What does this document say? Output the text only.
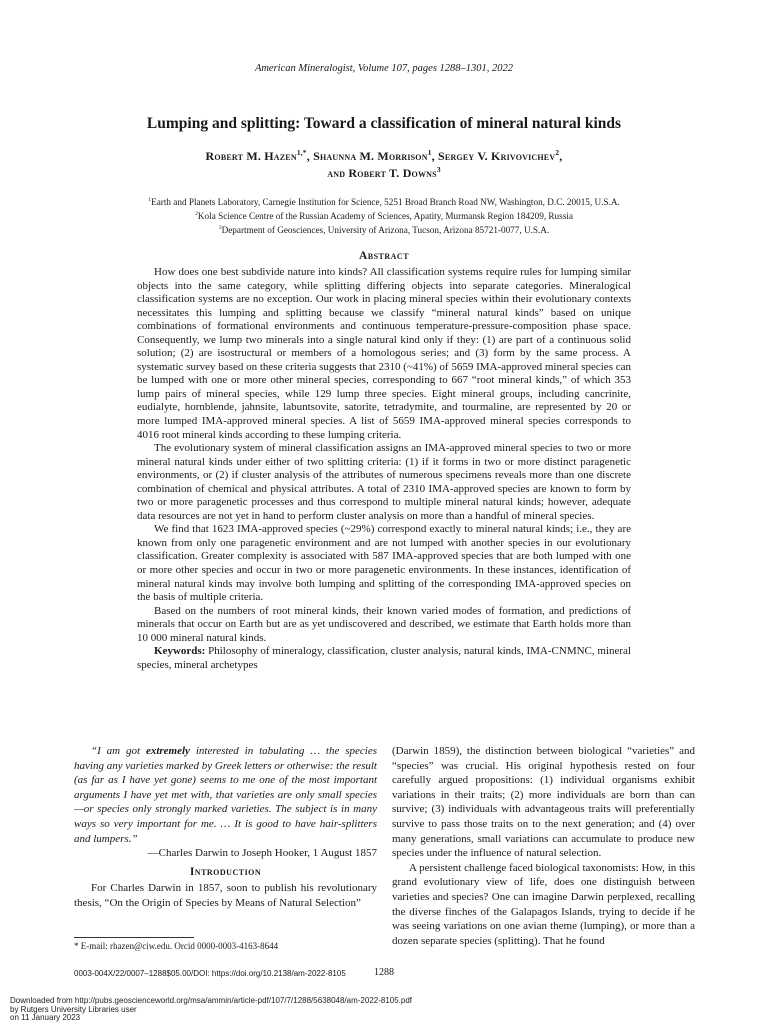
American Mineralogist, Volume 107, pages 1288–1301, 2022
Lumping and splitting: Toward a classification of mineral natural kinds
Robert M. Hazen$^{1,*}$, Shaunna M. Morrison$^1$, Sergey V. Krivovichev$^2$,
and Robert T. Downs$^3$
$^1$Earth and Planets Laboratory, Carnegie Institution for Science, 5251 Broad Branch Road NW, Washington, D.C. 20015, U.S.A.
$^2$Kola Science Centre of the Russian Academy of Sciences, Apatity, Murmansk Region 184209, Russia
$^3$Department of Geosciences, University of Arizona, Tucson, Arizona 85721-0077, U.S.A.
Abstract

How does one best subdivide nature into kinds? All classification systems require rules for lumping similar objects into the same category, while splitting differing objects into separate categories. Mineralogical classification systems are no exception. Our work in placing mineral species within their evolutionary contexts necessitates this lumping and splitting because we classify “mineral natural kinds” based on unique combinations of formational environments and continuous temperature-pressure-composition phase space. Consequently, we lump two minerals into a single natural kind only if they: (1) are part of a continuous solid solution; (2) are isostructural or members of a homologous series; and (3) form by the same process. A systematic survey based on these criteria suggests that 2310 (~41%) of 5659 IMA-approved mineral species can be lumped with one or more other mineral species, corresponding to 667 “root mineral kinds,” of which 353 lump pairs of mineral species, while 129 lump three species. Eight mineral groups, including cancrinite, eudialyte, hornblende, jahnsite, labuntsovite, satorite, tetradymite, and tourmaline, are represented by 20 or more lumped IMA-approved mineral species. A list of 5659 IMA-approved mineral species corresponds to 4016 root mineral kinds according to these lumping criteria.

The evolutionary system of mineral classification assigns an IMA-approved mineral species to two or more mineral natural kinds under either of two splitting criteria: (1) if it forms in two or more distinct paragenetic environments, or (2) if cluster analysis of the attributes of numerous specimens reveals more than one discrete combination of chemical and physical attributes. A total of 2310 IMA-approved species are known to form by two or more paragenetic processes and thus correspond to multiple mineral natural kinds; however, adequate data resources are not yet in hand to perform cluster analysis on more than a handful of mineral species.

We find that 1623 IMA-approved species (~29%) correspond exactly to mineral natural kinds; i.e., they are known from only one paragenetic environment and are not lumped with another species in our evolutionary classification. Greater complexity is associated with 587 IMA-approved species that are both lumped with one or more other species and occur in two or more paragenetic environments. In these instances, identification of mineral natural kinds may involve both lumping and splitting of the corresponding IMA-approved species on the basis of multiple criteria.

Based on the numbers of root mineral kinds, their known varied modes of formation, and predictions of minerals that occur on Earth but are as yet undiscovered and described, we estimate that Earth holds more than 10 000 mineral natural kinds.

Keywords: Philosophy of mineralogy, classification, cluster analysis, natural kinds, IMA-CNMNC, mineral species, mineral archetypes

“I am got extremely interested in tabulating … the species having any varieties marked by Greek letters or otherwise: the result (as far as I have yet gone) seems to me one of the most important arguments I have yet met with, that varieties are only small species—or species only strongly marked varieties. The subject is in many ways so very important for me. … It is good to have hair-splitters and lumpers.”

—Charles Darwin to Joseph Hooker, 1 August 1857

Introduction

For Charles Darwin in 1857, soon to publish his revolutionary thesis, “On the Origin of Species by Means of Natural Selection”

* E-mail: rhazen@ciw.edu. Orcid 0000-0003-4163-8644

(Darwin 1859), the distinction between biological “varieties” and “species” was crucial. His original hypothesis rested on four carefully argued propositions: (1) individual organisms exhibit variations in their traits; (2) more individuals are born than can survive; (3) individuals with advantageous traits will preferentially survive to pass those traits on to the next generation; and (4) over many generations, small variations can accumulate to produce new species under the influence of natural selection.

A persistent challenge faced biological taxonomists: How, in this grand evolutionary view of life, does one distinguish between varieties and species? One can imagine Darwin perplexed, recalling the diverse finches of the Galapagos Islands, trying to decide if he was seeing variations on one avian theme (lumping), or more than a dozen separate species (splitting). That he found

0003-004X/22/0007–1288$05.00/DOI: https://doi.org/10.2138/am-2022-8105	1288
Downloaded from http://pubs.geoscienceworld.org/msa/ammin/article-pdf/107/7/1288/5638048/am-2022-8105.pdf
by Rutgers University Libraries user
on 11 January 2023
